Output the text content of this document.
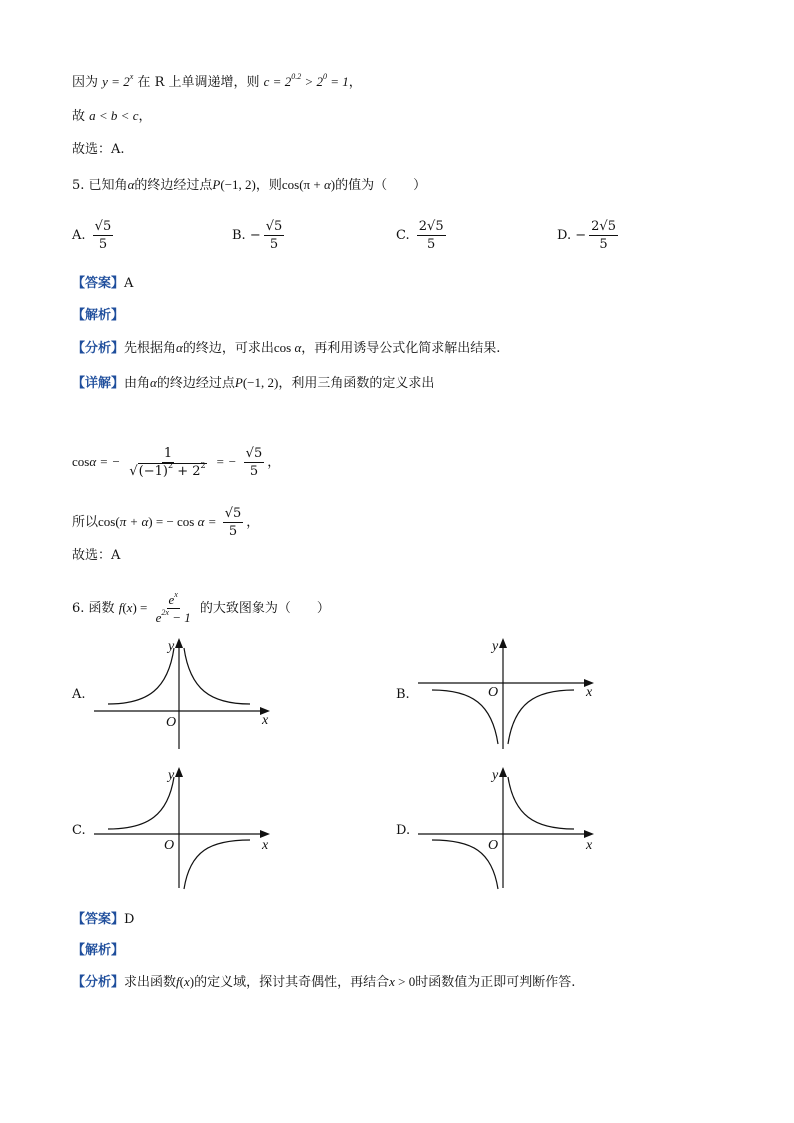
因为 $y = 2^x$ 在 R 上单调递增，则 $c = 2^{0.2} > 2^0 = 1$，
故 a < b < c，
故选：A.
5. 已知角α的终边经过点P(−1, 2)，则cos(π + α)的值为（　　）
A. $\frac{√5}{5}$	B. − $\frac{√5}{5}$	C. $\frac{2√5}{5}$	D. − $\frac{2√5}{5}$
【答案】A
【解析】
【分析】先根据角α的终边，可求出cos α，再利用诱导公式化简求解出结果.
【详解】由角α的终边经过点P(−1, 2)，利用三角函数的定义求出
cosα = − $\frac{1}{√(-1)^2 + 2^2}$ = − $\frac{√5}{5}$ ，
所以cos(π + α) = − $\cos \alpha = \frac{√5}{5}$ ，
故选：A
6. 函数 $f(x) = \frac{e^x}{e^{2x} - 1}$ 的大致图象为（　　）
A.
O	x
y
B.	O	x
y
C.
O	x
y
D.
O	x
y
【答案】D
【解析】
【分析】求出函数f(x)的定义域，探讨其奇偶性，再结合x > 0时函数值为正即可判断作答.
